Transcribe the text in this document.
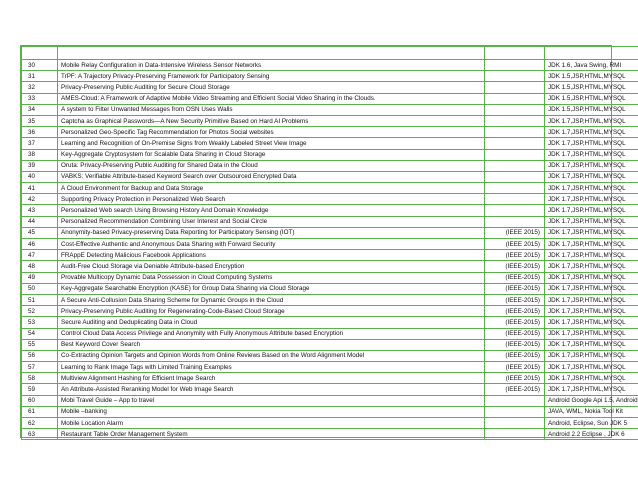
30	Mobile Relay Configuration in Data-Intensive Wireless Sensor Networks		JDK 1.6, Java Swing, RMI
31	TrPF: A Trajectory Privacy-Preserving Framework for Participatory Sensing		JDK 1.5,JSP,HTML,MYSQL
32	Privacy-Preserving Public Auditing for Secure Cloud Storage		JDK 1.5,JSP,HTML,MYSQL
33	AMES-Cloud: A Framework of Adaptive Mobile Video Streaming and Efficient Social Video Sharing in the Clouds.		JDK 1.5,JSP,HTML,MYSQL
34	A system to Filter Unwanted Messages from OSN Uses Walls		JDK 1.5,JSP,HTML,MYSQL
35	Captcha as Graphical Passwords—A New Security Primitive Based on Hard AI Problems		JDK 1.7,JSP,HTML,MYSQL
36	Personalized Geo-Specific Tag Recommendation for Photos Social websites		JDK 1.7,JSP,HTML,MYSQL
37	Learning and Recognition of On-Premise Signs from Weakly Labeled Street View Image		JDK 1.7,JSP,HTML,MYSQL
38	Key-Aggregate Cryptosystem for Scalable Data Sharing in Cloud Storage		JDK 1.7,JSP,HTML,MYSQL
39	Oruta: Privacy-Preserving Public Auditing for Shared Data in the Cloud		JDK 1.7,JSP,HTML,MYSQL
40	VABKS: Verifiable Attribute-based Keyword Search over Outsourced Encrypted Data		JDK 1.7,JSP,HTML,MYSQL
41	A Cloud Environment for Backup and Data Storage		JDK 1.7,JSP,HTML,MYSQL
42	Supporting Privacy Protection in Personalized Web Search		JDK 1.7,JSP,HTML,MYSQL
43	Personalized Web search Using Browsing History And Domain Knowledge		JDK 1.7,JSP,HTML,MYSQL
44	Personalized Recommendation Combining User Interest and Social Circle		JDK 1.7,JSP,HTML,MYSQL
45	Anonymity-based Privacy-preserving Data Reporting for Participatory Sensing (IOT)	(IEEE 2015)	JDK 1.7,JSP,HTML,MYSQL
46	Cost-Effective Authentic and Anonymous Data Sharing with Forward Security	(IEEE 2015)	JDK 1.7,JSP,HTML,MYSQL
47	FRAppE Detecting Malicious Facebook Applications	(IEEE 2015)	JDK 1.7,JSP,HTML,MYSQL
48	Audit-Free Cloud Storage via Deniable Attribute-based Encryption	(IEEE-2015)	JDK 1.7,JSP,HTML,MYSQL
49	Provable Multicopy Dynamic Data Possession in Cloud Computing Systems	(IEEE-2015)	JDK 1.7,JSP,HTML,MYSQL
50	Key-Aggregate Searchable Encryption (KASE) for Group Data Sharing via Cloud Storage	(IEEE-2015)	JDK 1.7,JSP,HTML,MYSQL
51	A Secure Anti-Collusion Data Sharing Scheme for Dynamic Groups in the Cloud	(IEEE-2015)	JDK 1.7,JSP,HTML,MYSQL
52	Privacy-Preserving Public Auditing for Regenerating-Code-Based Cloud Storage	(IEEE-2015)	JDK 1.7,JSP,HTML,MYSQL
53	Secure Auditing and Deduplicating Data in Cloud	(IEEE-2015)	JDK 1.7,JSP,HTML,MYSQL
54	Control Cloud Data Access Privilege and Anonymity with Fully Anonymous Attribute based Encryption	(IEEE-2015)	JDK 1.7,JSP,HTML,MYSQL
55	Best Keyword Cover Search	(IEEE-2015)	JDK 1.7,JSP,HTML,MYSQL
56	Co-Extracting Opinion Targets and Opinion Words from Online Reviews Based on the Word Alignment Model	(IEEE-2015)	JDK 1.7,JSP,HTML,MYSQL
57	Learning to Rank Image Tags with Limited Training Examples	(IEEE 2015)	JDK 1.7,JSP,HTML,MYSQL
58	Multiview Alignment Hashing for Efficient Image Search	(IEEE 2015)	JDK 1.7,JSP,HTML,MYSQL
59	An Attribute-Assisted Reranking Model for Web Image Search	(IEEE-2015)	JDK 1.7,JSP,HTML,MYSQL
60	Mobi Travel Guide – App to travel		Android Google Api 1.5, Android
61	Mobile –banking		JAVA, WML, Nokia Tool Kit
62	Mobile Location Alarm		Android, Eclipse, Sun JDK 5
63	Restaurant Table Order Management System		Android 2.2 Eclipse , JDK 6
